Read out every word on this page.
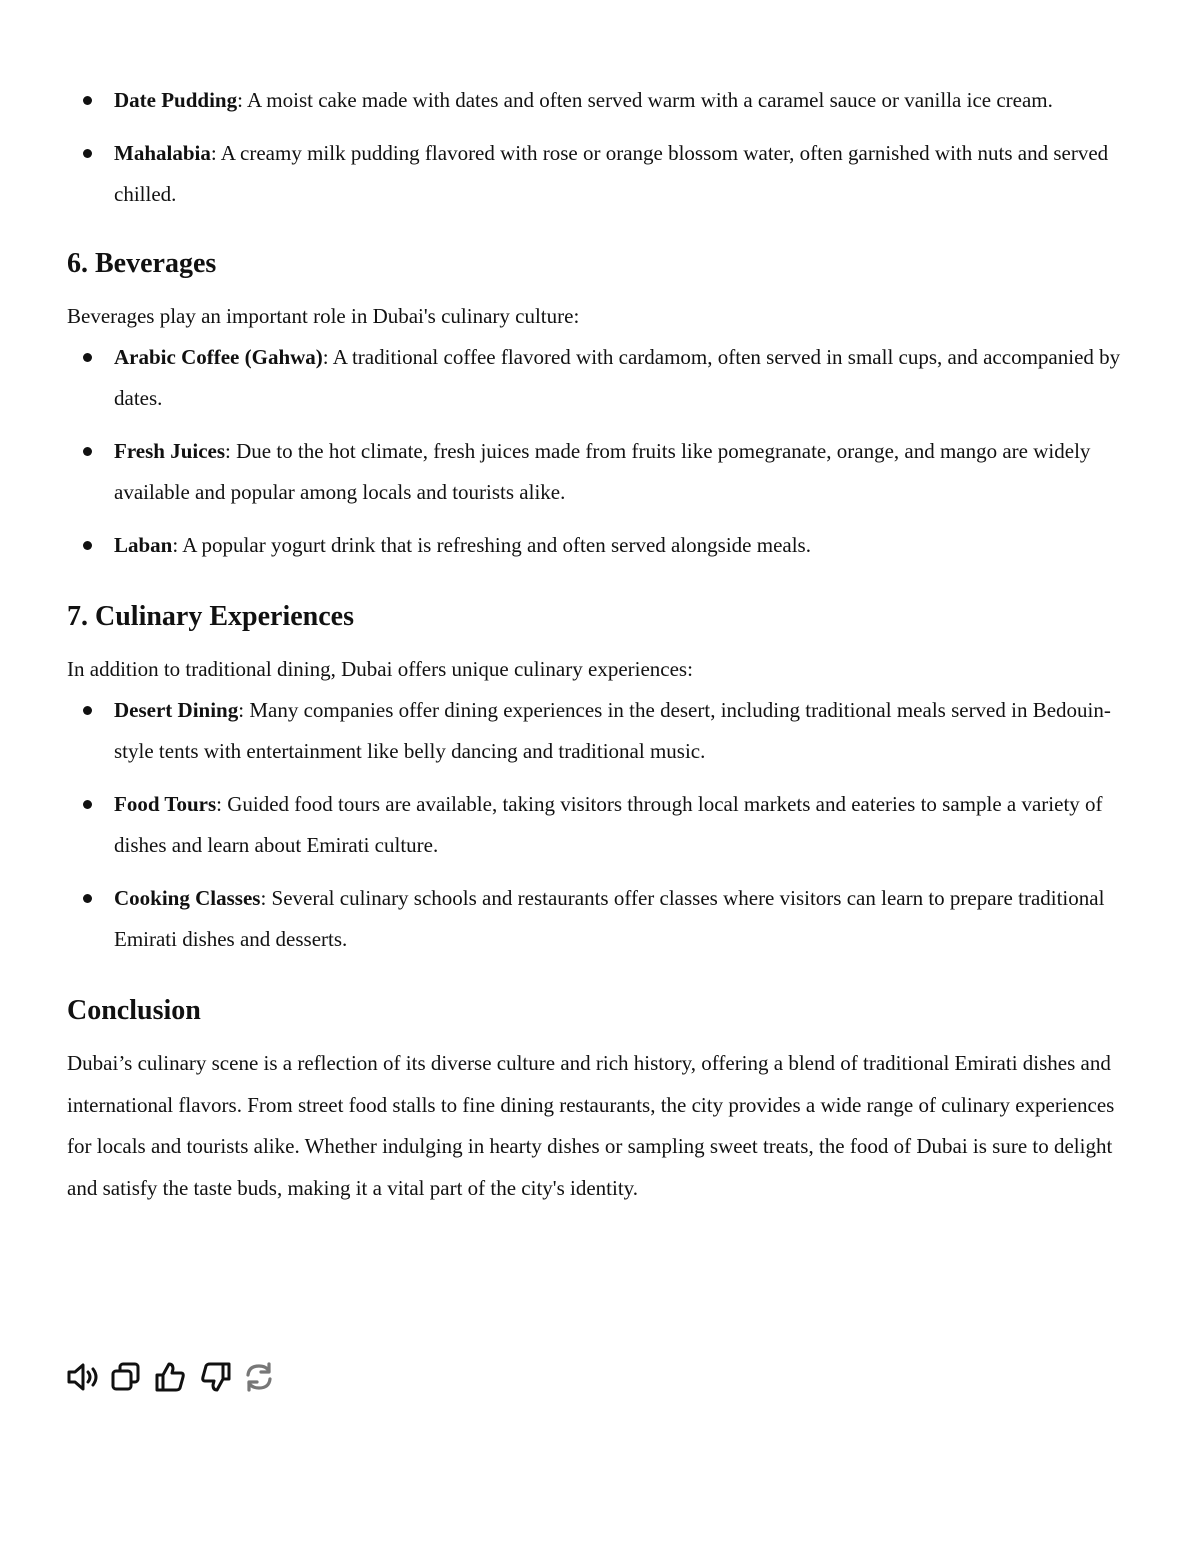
Date Pudding: A moist cake made with dates and often served warm with a caramel sauce or vanilla ice cream.
Mahalabia: A creamy milk pudding flavored with rose or orange blossom water, often garnished with nuts and served chilled.
6. Beverages

Beverages play an important role in Dubai's culinary culture:

Arabic Coffee (Gahwa): A traditional coffee flavored with cardamom, often served in small cups, and accompanied by dates.
Fresh Juices: Due to the hot climate, fresh juices made from fruits like pomegranate, orange, and mango are widely available and popular among locals and tourists alike.
Laban: A popular yogurt drink that is refreshing and often served alongside meals.
7. Culinary Experiences

In addition to traditional dining, Dubai offers unique culinary experiences:

Desert Dining: Many companies offer dining experiences in the desert, including traditional meals served in Bedouin-style tents with entertainment like belly dancing and traditional music.
Food Tours: Guided food tours are available, taking visitors through local markets and eateries to sample a variety of dishes and learn about Emirati culture.
Cooking Classes: Several culinary schools and restaurants offer classes where visitors can learn to prepare traditional Emirati dishes and desserts.
Conclusion

Dubai’s culinary scene is a reflection of its diverse culture and rich history, offering a blend of traditional Emirati dishes and international flavors. From street food stalls to fine dining restaurants, the city provides a wide range of culinary experiences for locals and tourists alike. Whether indulging in hearty dishes or sampling sweet treats, the food of Dubai is sure to delight and satisfy the taste buds, making it a vital part of the city's identity.
